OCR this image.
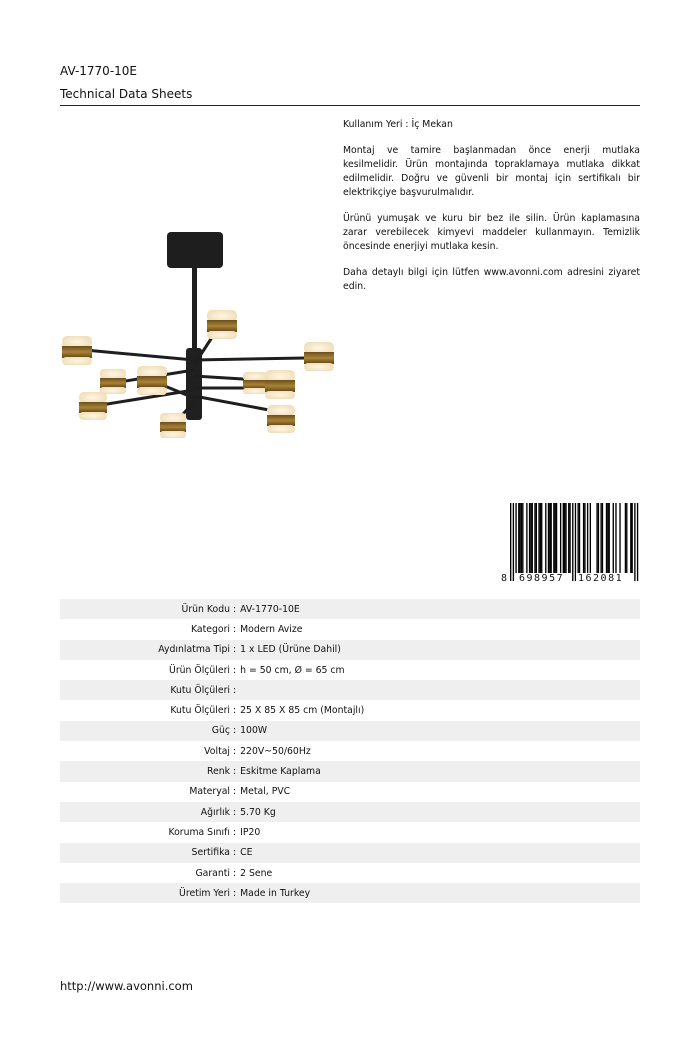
AV-1770-10E
Technical Data Sheets

Kullanım Yeri : İç Mekan

Montaj ve tamire başlanmadan önce enerji mutlaka kesilmelidir. Ürün montajında topraklamaya mutlaka dikkat edilmelidir. Doğru ve güvenli bir montaj için sertifikalı bir elektrikçiye başvurulmalıdır.

Ürünü yumuşak ve kuru bir bez ile silin. Ürün kaplamasına zarar verebilecek kimyevi maddeler kullanmayın. Temizlik öncesinde enerjiyi mutlaka kesin.

Daha detaylı bilgi için lütfen www.avonni.com adresini ziyaret edin.

8 698957 162081
Ürün Kodu : AV-1770-10E
Kategori : Modern Avize
Aydınlatma Tipi : 1 x LED (Ürüne Dahil)
Ürün Ölçüleri : h = 50 cm, Ø = 65 cm
Kutu Ölçüleri :
Kutu Ölçüleri : 25 X 85 X 85 cm (Montajlı)
Güç : 100W
Voltaj : 220V~50/60Hz
Renk : Eskitme Kaplama
Materyal : Metal, PVC
Ağırlık : 5.70 Kg
Koruma Sınıfı : IP20
Sertifika : CE
Garanti : 2 Sene
Üretim Yeri : Made in Turkey
http://www.avonni.com
